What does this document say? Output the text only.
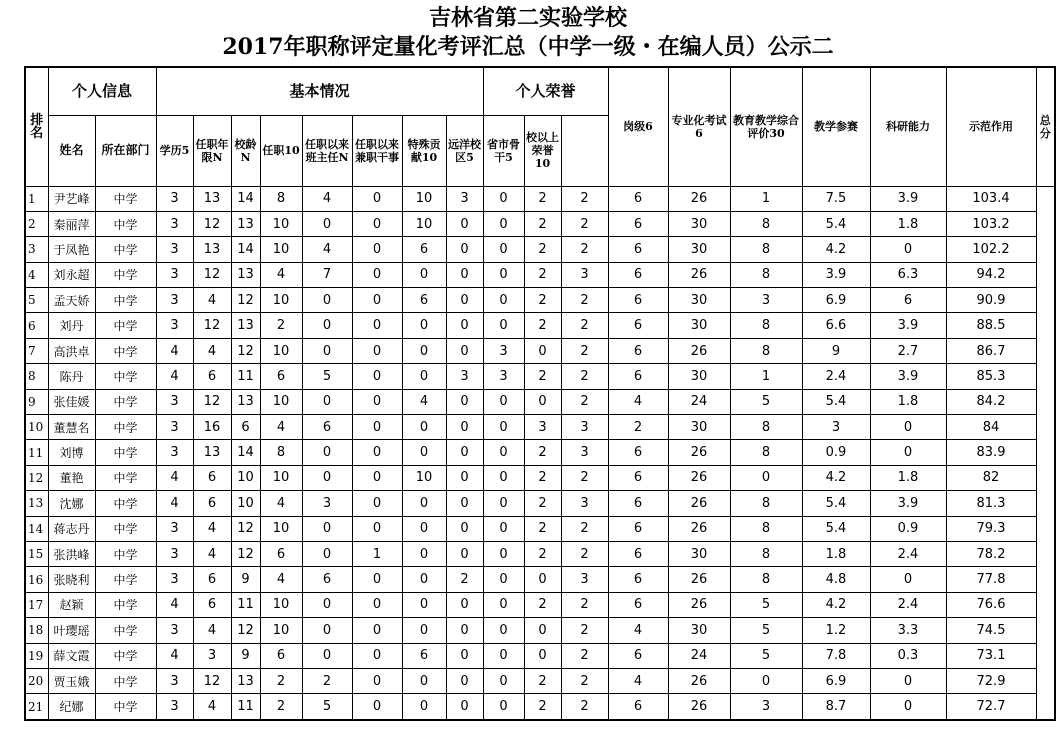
吉林省第二实验学校
2017年职称评定量化考评汇总（中学一级・在编人员）公示二
排名	个人信息		基本情况								个人荣誉			岗级6	专业化考试6	教育教学综合评价30	教学参赛	科研能力	示范作用	总分
	姓名	所在部门	学历5	任职年限N	校龄N	任职10	任职以来班主任N	任职以来兼职干事	特殊贡献10	远洋校区5	省市骨干5	校以上荣誉10								
1	尹艺峰	中学	3	13	14	8	4	0	10	3	0	2	2	6	26	1	7.5	3.9	103.4	
2	秦丽萍	中学	3	12	13	10	0	0	10	0	0	2	2	6	30	8	5.4	1.8	103.2	
3	于凤艳	中学	3	13	14	10	4	0	6	0	0	2	2	6	30	8	4.2	0	102.2	
4	刘永超	中学	3	12	13	4	7	0	0	0	0	2	3	6	26	8	3.9	6.3	94.2	
5	孟天娇	中学	3	4	12	10	0	0	6	0	0	2	2	6	30	3	6.9	6	90.9	
6	刘丹	中学	3	12	13	2	0	0	0	0	0	2	2	6	30	8	6.6	3.9	88.5	
7	高洪卓	中学	4	4	12	10	0	0	0	0	3	0	2	6	26	8	9	2.7	86.7	
8	陈丹	中学	4	6	11	6	5	0	0	3	3	2	2	6	30	1	2.4	3.9	85.3	
9	张佳媛	中学	3	12	13	10	0	0	4	0	0	0	2	4	24	5	5.4	1.8	84.2	
10	董慧名	中学	3	16	6	4	6	0	0	0	0	3	3	2	30	8	3	0	84	
11	刘博	中学	3	13	14	8	0	0	0	0	0	2	3	6	26	8	0.9	0	83.9	
12	董艳	中学	4	6	10	10	0	0	10	0	0	2	2	6	26	0	4.2	1.8	82	
13	沈娜	中学	4	6	10	4	3	0	0	0	0	2	3	6	26	8	5.4	3.9	81.3	
14	蒋志丹	中学	3	4	12	10	0	0	0	0	0	2	2	6	26	8	5.4	0.9	79.3	
15	张洪峰	中学	3	4	12	6	0	1	0	0	0	2	2	6	30	8	1.8	2.4	78.2	
16	张晓利	中学	3	6	9	4	6	0	0	2	0	0	3	6	26	8	4.8	0	77.8	
17	赵颖	中学	4	6	11	10	0	0	0	0	0	2	2	6	26	5	4.2	2.4	76.6	
18	叶璎瑶	中学	3	4	12	10	0	0	0	0	0	0	2	4	30	5	1.2	3.3	74.5	
19	薛文霞	中学	4	3	9	6	0	0	6	0	0	0	2	6	24	5	7.8	0.3	73.1	
20	贾玉娥	中学	3	12	13	2	2	0	0	0	0	2	2	4	26	0	6.9	0	72.9	
21	纪娜	中学	3	4	11	2	5	0	0	0	0	2	2	6	26	3	8.7	0	72.7	
